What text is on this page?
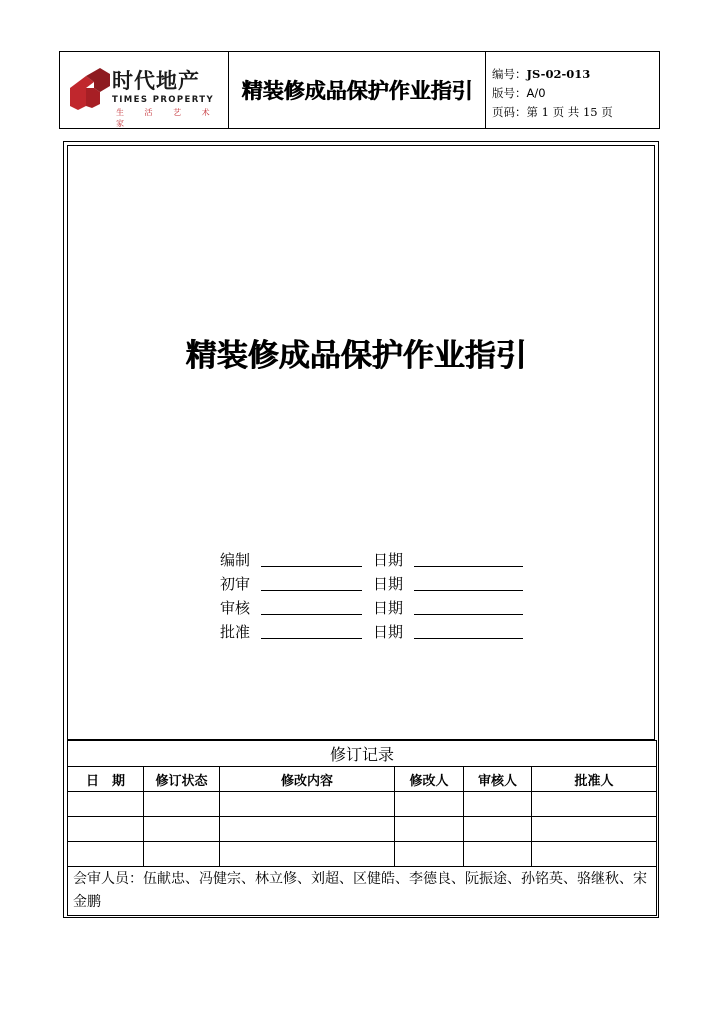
时代地产
TIMES PROPERTY
生 活 艺 术 家
精装修成品保护作业指引
编号：JS-02-013
版号：A/0
页码：第 1 页 共 15 页
精装修成品保护作业指引
编制	日期
初审	日期
审核	日期
批准	日期
修订记录					
日　期	修订状态	修改内容	修改人	审核人	批准人

会审人员：伍献忠、冯健宗、林立修、刘超、区健皓、李德良、阮振途、孙铭英、骆继秋、宋金鹏					
